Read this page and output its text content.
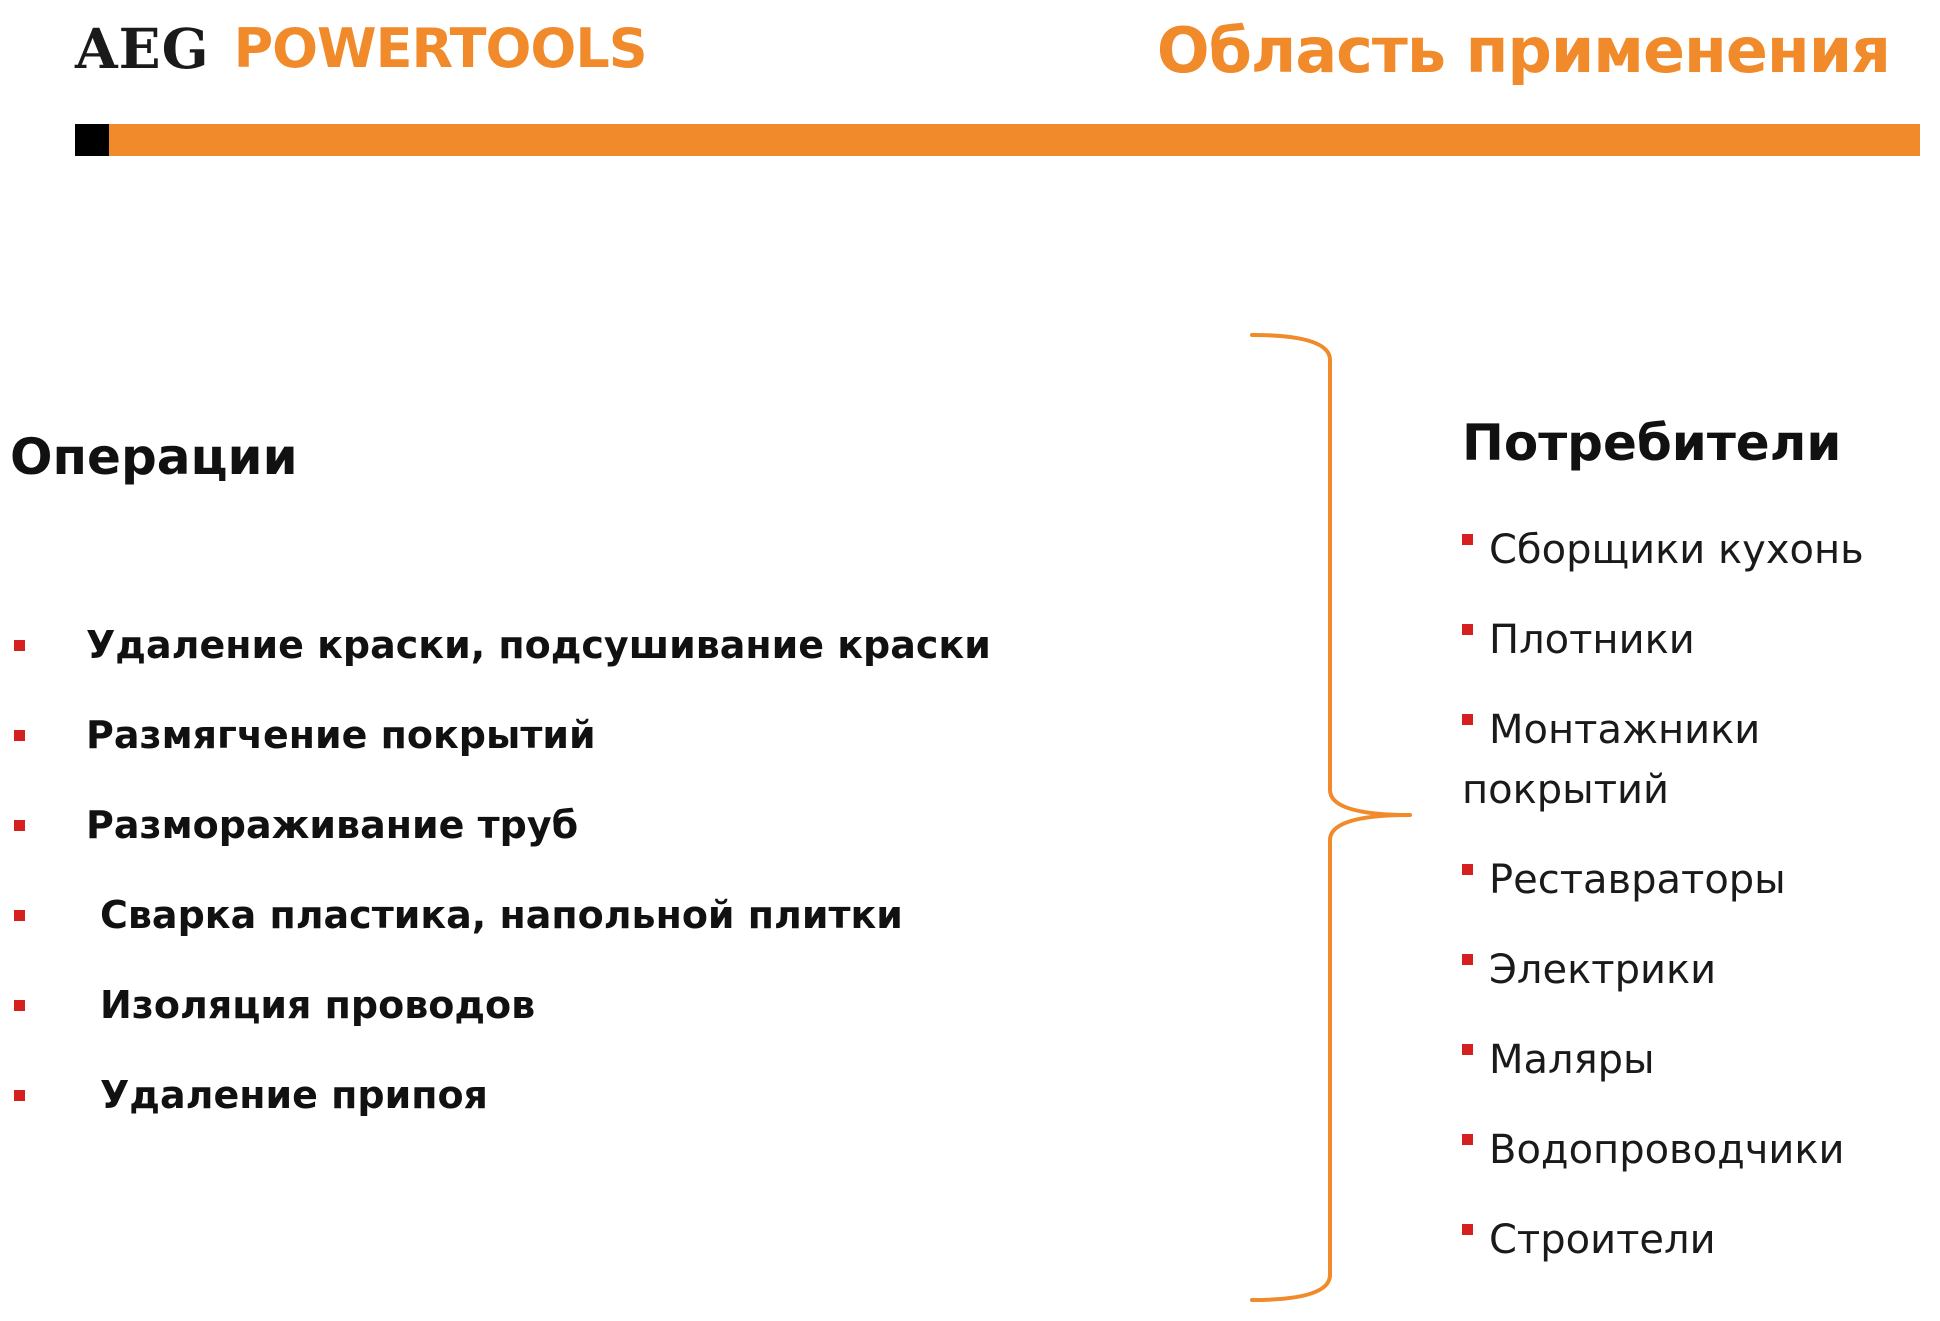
AEG POWERTOOLS	Область применения
Операции
Удаление краски, подсушивание краски
Размягчение покрытий
Размораживание труб
Сварка пластика, напольной плитки
Изоляция проводов
Удаление припоя
Потребители
Сборщики кухонь
Плотники
Монтажники покрытий
Реставраторы
Электрики
Маляры
Водопроводчики
Строители
